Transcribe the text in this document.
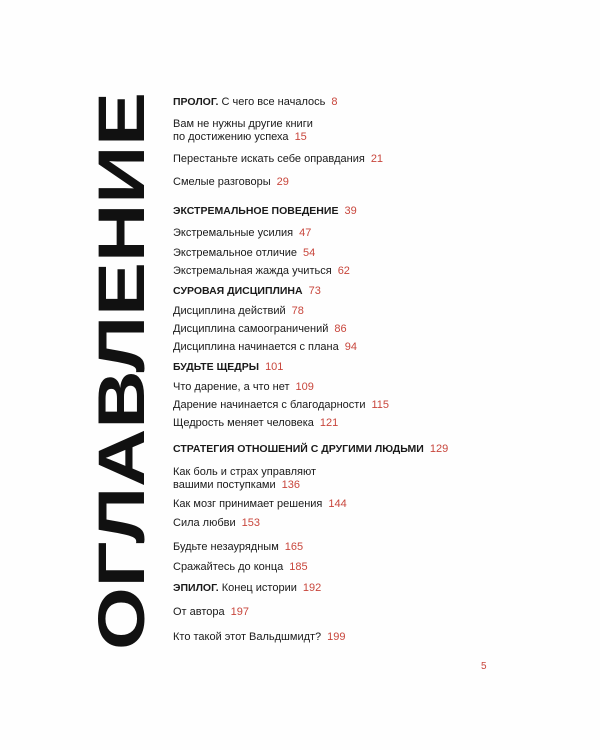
ОГЛАВЛЕНИЕ
ПРОЛОГ. С чего все началось 8
Вам не нужны другие книги
по достижению успеха 15
Перестаньте искать себе оправдания 21
Смелые разговоры 29
ЭКСТРЕМАЛЬНОЕ ПОВЕДЕНИЕ 39
Экстремальные усилия 47
Экстремальное отличие 54
Экстремальная жажда учиться 62
СУРОВАЯ ДИСЦИПЛИНА 73
Дисциплина действий 78
Дисциплина самоограничений 86
Дисциплина начинается с плана 94
БУДЬТЕ ЩЕДРЫ 101
Что дарение, а что нет 109
Дарение начинается с благодарности 115
Щедрость меняет человека 121
СТРАТЕГИЯ ОТНОШЕНИЙ С ДРУГИМИ ЛЮДЬМИ 129
Как боль и страх управляют
вашими поступками 136
Как мозг принимает решения 144
Сила любви 153
Будьте незаурядным 165
Сражайтесь до конца 185
ЭПИЛОГ. Конец истории 192
От автора 197
Кто такой этот Вальдшмидт? 199
5
